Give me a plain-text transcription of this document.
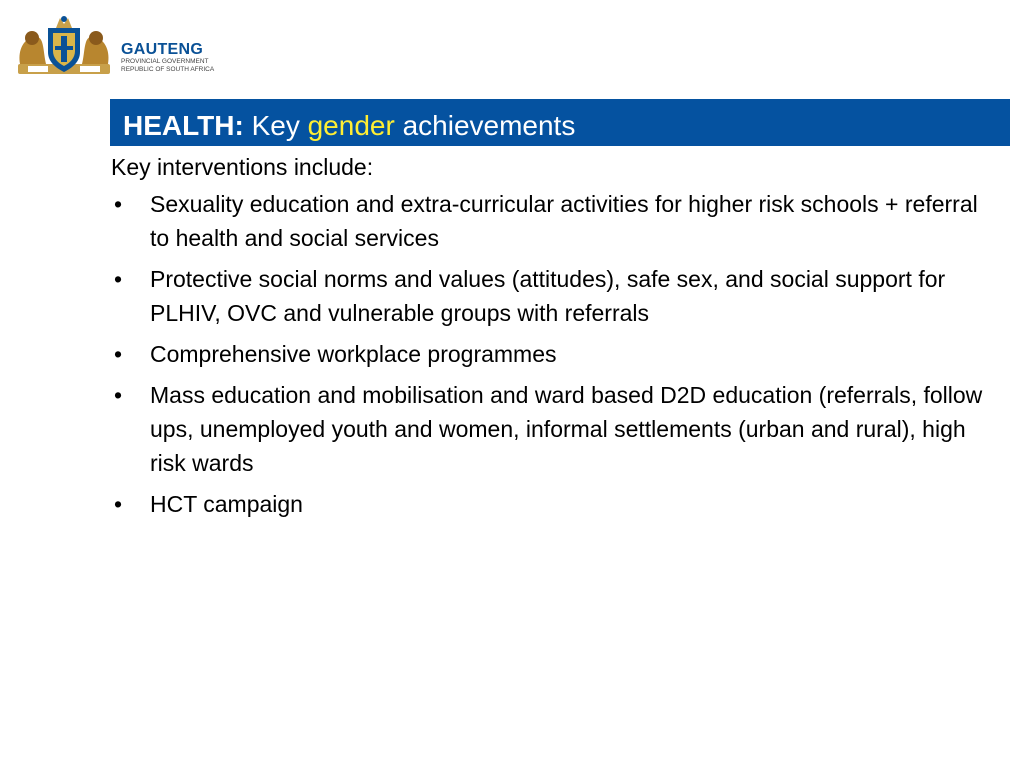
GAUTENG
PROVINCIAL GOVERNMENT
REPUBLIC OF SOUTH AFRICA
HEALTH: Key gender achievements

Key interventions include:

• Sexuality education and extra-curricular activities for higher risk schools + referral to health and social services
• Protective social norms and values (attitudes), safe sex, and social support for PLHIV, OVC and vulnerable groups with referrals
• Comprehensive workplace programmes
• Mass education and mobilisation and ward based D2D education (referrals, follow ups, unemployed youth and women, informal settlements (urban and rural), high risk wards
• HCT campaign
